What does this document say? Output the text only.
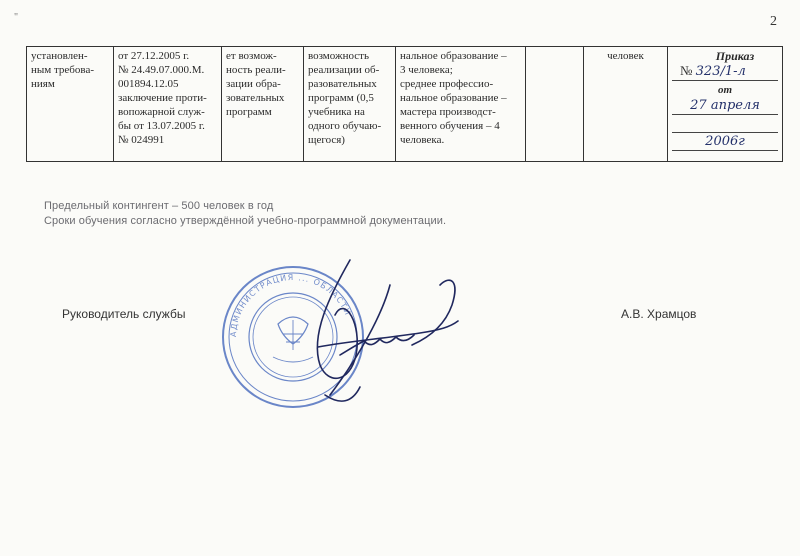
"	2
установлен-
ным требова-
ниям	от 27.12.2005 г.
№ 24.49.07.000.М.
001894.12.05
заключение проти-
вопожарной служ-
бы от 13.07.2005 г.
№ 024991	ет возмож-
ность реали-
зации обра-
зовательных
программ	возможность
реализации об-
разовательных
программ (0,5
учебника на
одного обучаю-
щегося)	нальное образование –
3 человека;
среднее профессио-
нальное образование –
мастера производст-
венного обучения – 4
человека.		человек	Приказ
№ 323/1-л
от
27 апреля
2006г
Предельный контингент – 500 человек в год
Сроки обучения согласно утверждённой учебно-программной документации.
АДМИНИСТРАЦИЯ ... ОБЛАСТИ
Руководитель службы	А.В. Храмцов
